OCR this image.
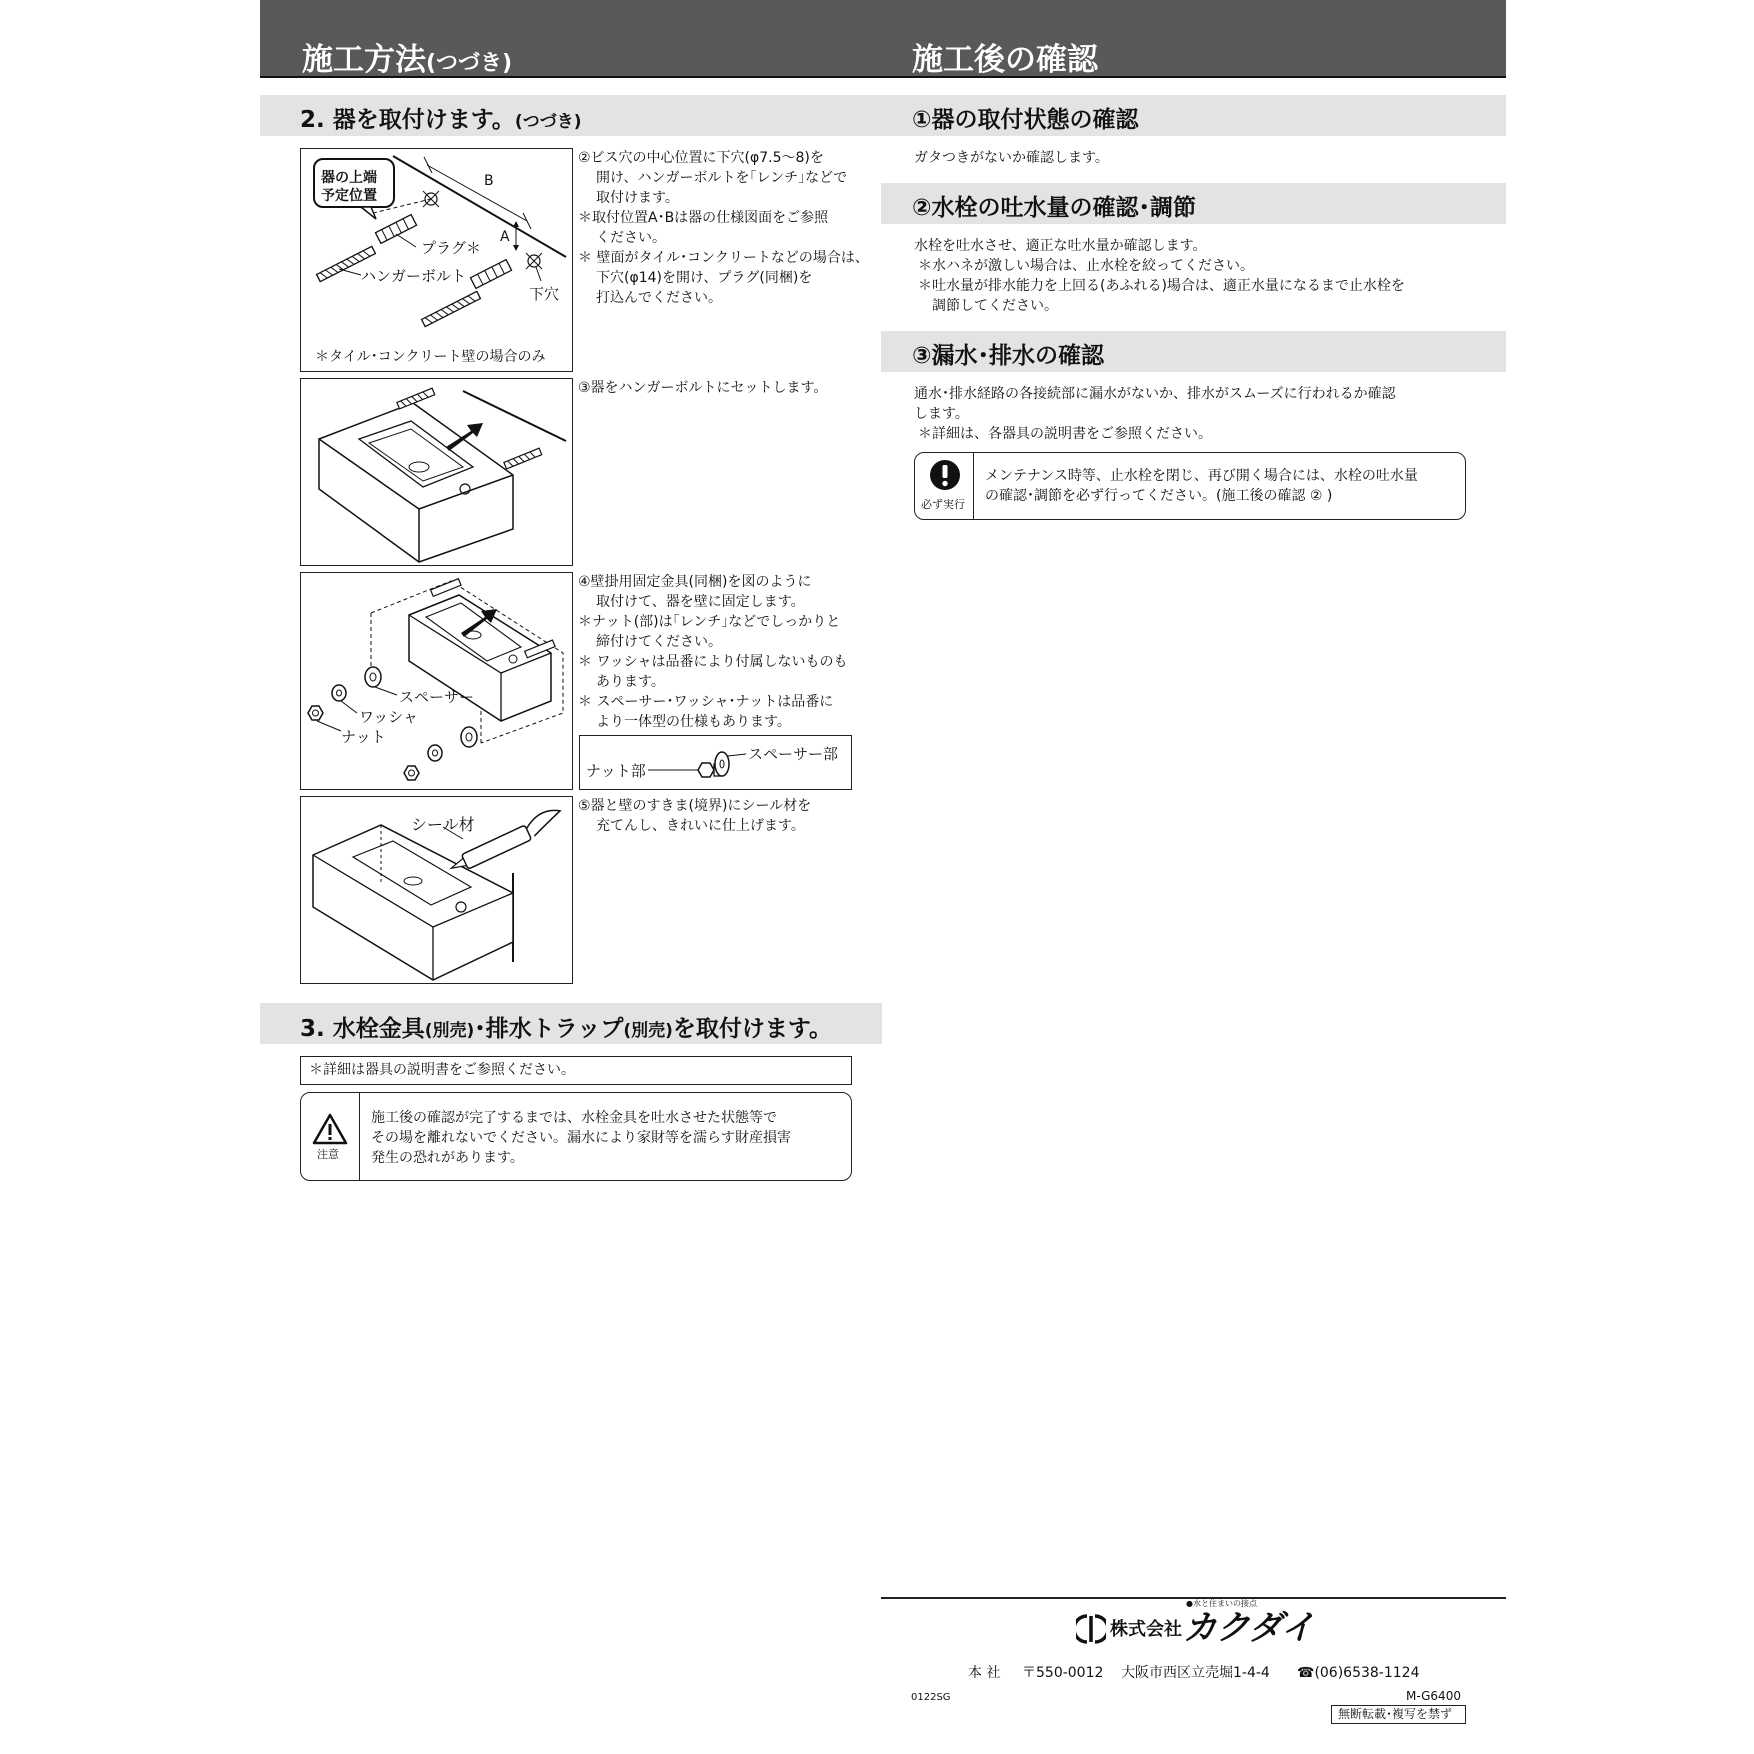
施工方法(つづき)	施工後の確認
2. 器を取付けます。(つづき)
器の上端
予定位置
B
A
プラグ＊
ハンガーボルト
下穴
＊タイル･コンクリート壁の場合のみ
②ビス穴の中心位置に下穴(φ7.5～8)を
開け、ハンガーボルトを｢レンチ｣などで
取付けます。
＊取付位置A･Bは器の仕様図面をご参照
ください。
＊ 壁面がタイル･コンクリートなどの場合は、
下穴(φ14)を開け、プラグ(同梱)を
打込んでください。
③器をハンガーボルトにセットします。
スペーサー
ワッシャ
ナット
④壁掛用固定金具(同梱)を図のように
取付けて、器を壁に固定します。
＊ナット(部)は｢レンチ｣などでしっかりと
締付けてください。
＊ ワッシャは品番により付属しないものも
あります。
＊ スペーサー･ワッシャ･ナットは品番に
より一体型の仕様もあります。
ナット部
スペーサー部
シール材
⑤器と壁のすきま(境界)にシール材を
充てんし、きれいに仕上げます。
3. 水栓金具(別売)･排水トラップ(別売)を取付けます。
＊詳細は器具の説明書をご参照ください。
注意
施工後の確認が完了するまでは、水栓金具を吐水させた状態等で
その場を離れないでください。漏水により家財等を濡らす財産損害
発生の恐れがあります。
①器の取付状態の確認
ガタつきがないか確認します。
②水栓の吐水量の確認･調節
水栓を吐水させ、適正な吐水量か確認します。
＊水ハネが激しい場合は、止水栓を絞ってください。
＊吐水量が排水能力を上回る(あふれる)場合は、適正水量になるまで止水栓を
調節してください。
③漏水･排水の確認
通水･排水経路の各接続部に漏水がないか、排水がスムーズに行われるか確認
します。
＊詳細は、各器具の説明書をご参照ください。
必ず実行
メンテナンス時等、止水栓を閉じ、再び開く場合には、水栓の吐水量
の確認･調節を必ず行ってください。(施工後の確認 ② )
●水と住まいの接点
株式会社 カクダイ
本 社 〒550-0012 大阪市西区立売堀1-4-4 ☎(06)6538-1124
0122SG	M-G6400
無断転載･複写を禁ず
